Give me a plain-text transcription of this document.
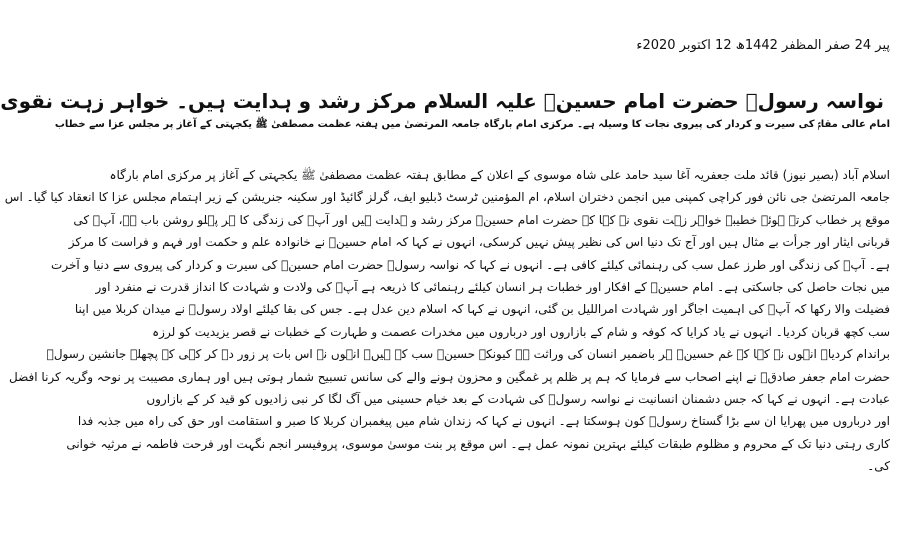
پیر 24 صفر المظفر 1442ھ 12 اکتوبر 2020ء
نواسہ رسولؐ حضرت امام حسینؓ علیہ السلام مرکز رشد و ہدایت ہیں۔ خواہر زہت نقوی
امام عالی مقامؑ کی سیرت و کردار کی پیروی نجات کا وسیلہ ہے۔ مرکزی امام بارگاہ جامعہ المرتضیٰ میں ہفتہ عظمت مصطفیٰ ﷺ یکجہتی کے آغاز پر مجلس عزا سے خطاب
اسلام آباد (بصیر نیوز) قائد ملت جعفریہ آغا سید حامد علی شاہ موسوی کے اعلان کے مطابق ہفتہ عظمت مصطفیٰ ﷺ یکجہتی کے آغاز پر مرکزی امام بارگاہ
جامعہ المرتضیٰ جی نائن فور کراچی کمپنی میں انجمن دختران اسلام، ام المؤمنین ٹرسٹ ڈبلیو ایف، گرلز گائیڈ اور سکینہ جنریشن کے زیر اہتمام مجلس عزا کا انعقاد کیا گیا۔ اس
موقع پر خطاب کرتے ہوئے خطیبہ خواہر زہت نقوی نے کہا کہ حضرت امام حسینؑ مرکز رشد و ہدایت ہیں اور آپؑ کی زندگی کا ہر پہلو روشن باب ہے، آپؑ کی
قربانی ایثار اور جرأت بے مثال ہیں اور آج تک دنیا اس کی نظیر پیش نہیں کرسکی، انہوں نے کہا کہ امام حسینؑ نے خانوادہ علم و حکمت اور فہم و فراست کا مرکز
ہے۔ آپؑ کی زندگی اور طرز عمل سب کی رہنمائی کیلئے کافی ہے۔ انہوں نے کہا کہ نواسہ رسولؐ حضرت امام حسینؑ کی سیرت و کردار کی پیروی سے دنیا و آخرت
میں نجات حاصل کی جاسکتی ہے۔ امام حسینؑ کے افکار اور خطبات ہر انسان کیلئے رہنمائی کا ذریعہ ہے آپؑ کی ولادت و شہادت کا انداز قدرت نے منفرد اور
فضیلت والا رکھا کہ آپؑ کی اہمیت اجاگر اور شہادت امراللیل بن گئی، انہوں نے کہا کہ اسلام دین عدل ہے۔ جس کی بقا کیلئے اولاد رسولؐ نے میدان کربلا میں اپنا
سب کچھ قربان کردیا۔ انہوں نے یاد کرایا کہ کوفہ و شام کے بازاروں اور درباروں میں مخدرات عصمت و طہارت کے خطبات نے قصر یزیدیت کو لرزہ
براندام کردیا۔ انہوں نے کہا کہ غم حسینؑ ہر باضمیر انسان کی وراثت ہے کیونکہ حسینؑ سب کے ہیں۔ انہوں نے اس بات پر زور دے کر کہی کہ پچھلے جانشین رسولؐ
حضرت امام جعفر صادقؑ نے اپنے اصحاب سے فرمایا کہ ہم پر ظلم پر غمگین و محزون ہونے والے کی سانس تسبیح شمار ہوتی ہیں اور ہماری مصیبت پر نوحہ وگریہ کرنا افضل
عبادت ہے۔ انہوں نے کہا کہ جس دشمنان انسانیت نے نواسہ رسولؐ کی شہادت کے بعد خیام حسینی میں آگ لگا کر نبی زادیوں کو قید کر کے بازاروں
اور درباروں میں پھرایا ان سے بڑا گستاخ رسولؐ کون ہوسکتا ہے۔ انہوں نے کہا کہ زندان شام میں پیغمبران کربلا کا صبر و استقامت اور حق کی راہ میں جذبہ فدا
کاری رہتی دنیا تک کے محروم و مظلوم طبقات کیلئے بہترین نمونہ عمل ہے۔ اس موقع پر بنت موسیٰ موسوی، پروفیسر انجم نگہت اور فرحت فاطمہ نے مرثیہ خوانی
کی۔
